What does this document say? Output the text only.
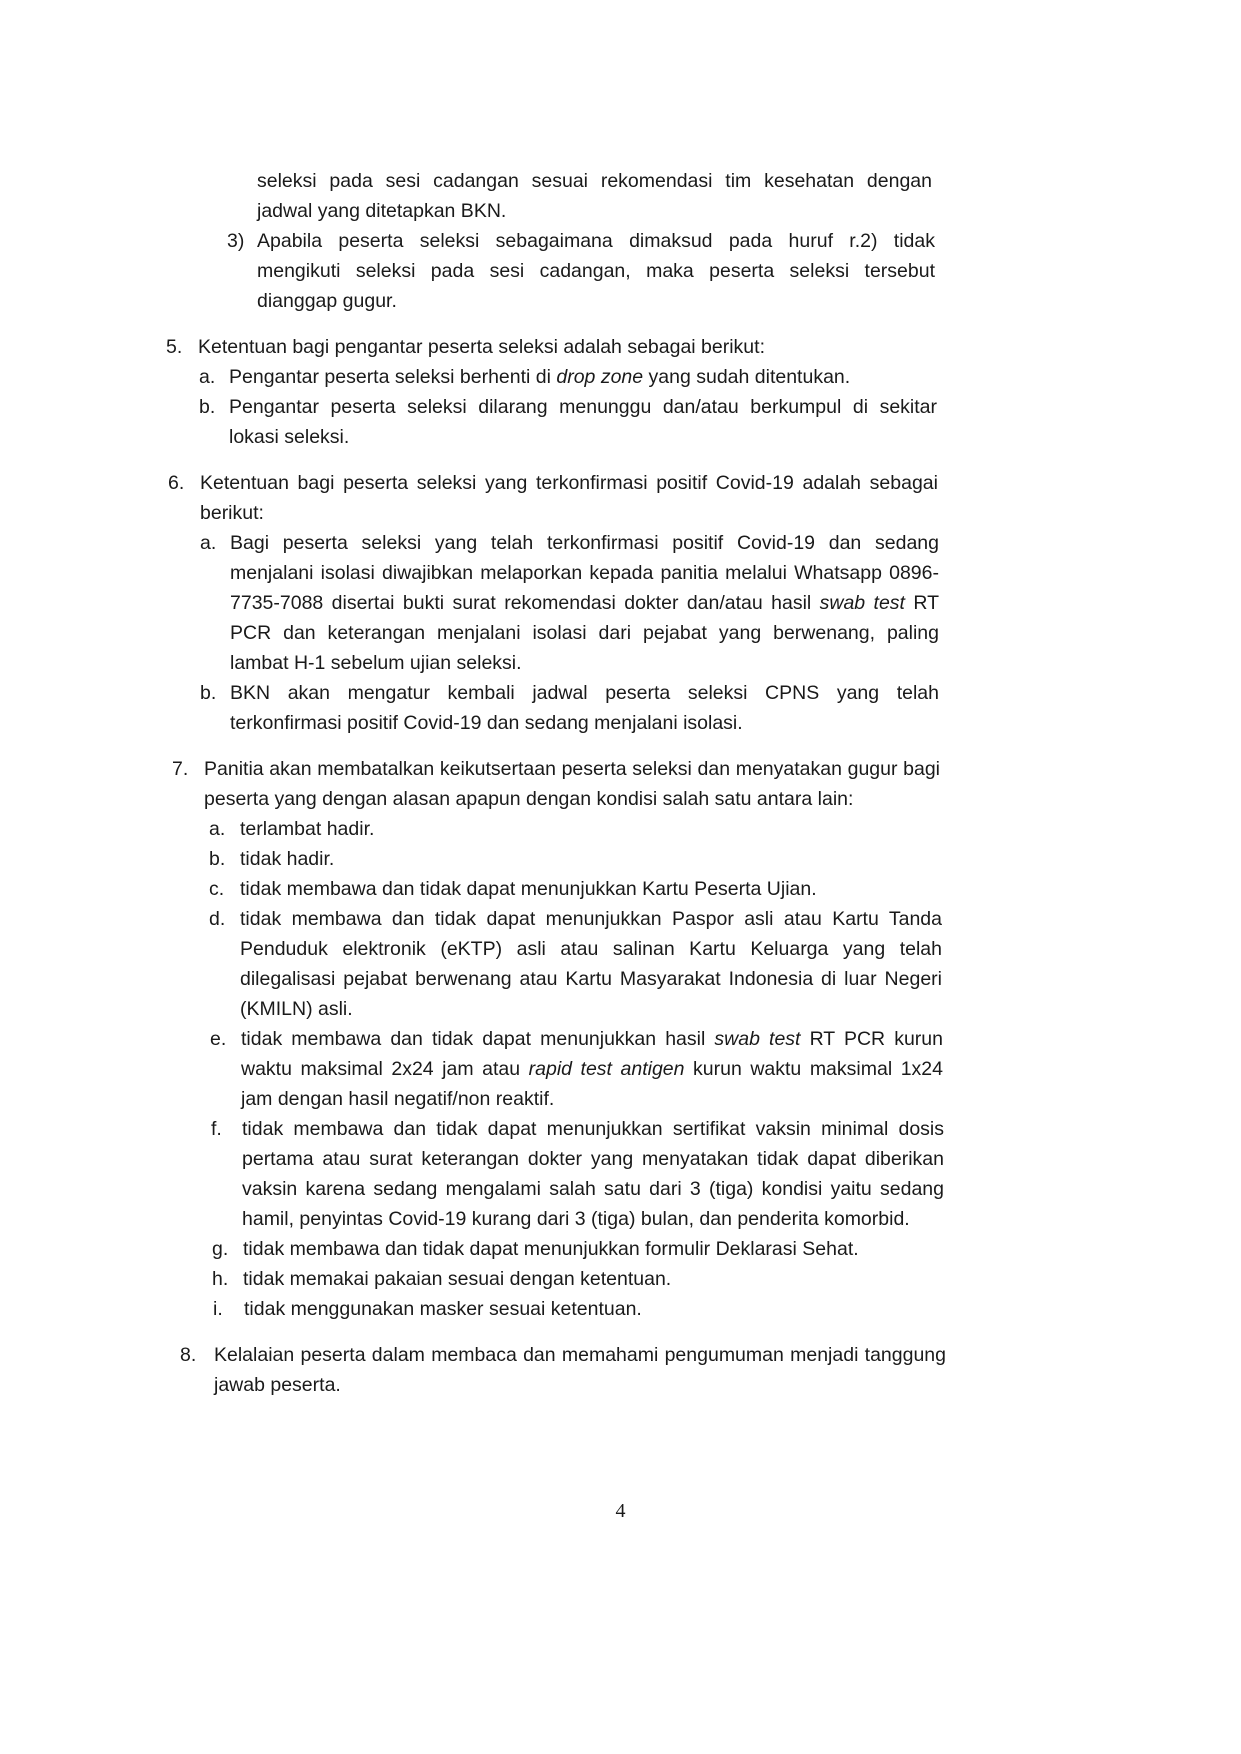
seleksi pada sesi cadangan sesuai rekomendasi tim kesehatan dengan jadwal yang ditetapkan BKN.
3) Apabila peserta seleksi sebagaimana dimaksud pada huruf r.2) tidak mengikuti seleksi pada sesi cadangan, maka peserta seleksi tersebut dianggap gugur.
5. Ketentuan bagi pengantar peserta seleksi adalah sebagai berikut:
a. Pengantar peserta seleksi berhenti di drop zone yang sudah ditentukan.
b. Pengantar peserta seleksi dilarang menunggu dan/atau berkumpul di sekitar lokasi seleksi.
6. Ketentuan bagi peserta seleksi yang terkonfirmasi positif Covid-19 adalah sebagai berikut:
a. Bagi peserta seleksi yang telah terkonfirmasi positif Covid-19 dan sedang menjalani isolasi diwajibkan melaporkan kepada panitia melalui Whatsapp 0896-7735-7088 disertai bukti surat rekomendasi dokter dan/atau hasil swab test RT PCR dan keterangan menjalani isolasi dari pejabat yang berwenang, paling lambat H-1 sebelum ujian seleksi.
b. BKN akan mengatur kembali jadwal peserta seleksi CPNS yang telah terkonfirmasi positif Covid-19 dan sedang menjalani isolasi.
7. Panitia akan membatalkan keikutsertaan peserta seleksi dan menyatakan gugur bagi peserta yang dengan alasan apapun dengan kondisi salah satu antara lain:
a. terlambat hadir.
b. tidak hadir.
c. tidak membawa dan tidak dapat menunjukkan Kartu Peserta Ujian.
d. tidak membawa dan tidak dapat menunjukkan Paspor asli atau Kartu Tanda Penduduk elektronik (eKTP) asli atau salinan Kartu Keluarga yang telah dilegalisasi pejabat berwenang atau Kartu Masyarakat Indonesia di luar Negeri (KMILN) asli.
e. tidak membawa dan tidak dapat menunjukkan hasil swab test RT PCR kurun waktu maksimal 2x24 jam atau rapid test antigen kurun waktu maksimal 1x24 jam dengan hasil negatif/non reaktif.
f. tidak membawa dan tidak dapat menunjukkan sertifikat vaksin minimal dosis pertama atau surat keterangan dokter yang menyatakan tidak dapat diberikan vaksin karena sedang mengalami salah satu dari 3 (tiga) kondisi yaitu sedang hamil, penyintas Covid-19 kurang dari 3 (tiga) bulan, dan penderita komorbid.
g. tidak membawa dan tidak dapat menunjukkan formulir Deklarasi Sehat.
h. tidak memakai pakaian sesuai dengan ketentuan.
i. tidak menggunakan masker sesuai ketentuan.
8. Kelalaian peserta dalam membaca dan memahami pengumuman menjadi tanggung jawab peserta.
4
